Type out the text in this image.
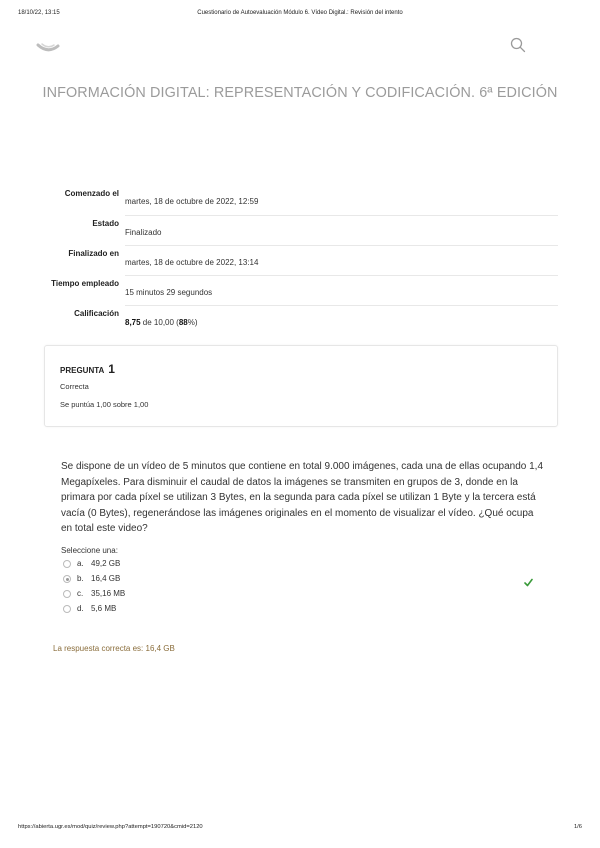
18/10/22, 13:15	Cuestionario de Autoevaluación Módulo 6. Vídeo Digital.: Revisión del intento
INFORMACIÓN DIGITAL: REPRESENTACIÓN Y CODIFICACIÓN. 6ª EDICIÓN
Comenzado el	martes, 18 de octubre de 2022, 12:59
Estado	Finalizado
Finalizado en	martes, 18 de octubre de 2022, 13:14
Tiempo empleado	15 minutos 29 segundos
Calificación	8,75 de 10,00 (88%)
PREGUNTA 1
Correcta
Se puntúa 1,00 sobre 1,00
Se dispone de un vídeo de 5 minutos que contiene en total 9.000 imágenes, cada una de ellas ocupando 1,4 Megapíxeles. Para disminuir el caudal de datos la imágenes se transmiten en grupos de 3, donde en la primara por cada píxel se utilizan 3 Bytes, en la segunda para cada píxel se utilizan 1 Byte y la tercera está vacía (0 Bytes), regenerándose las imágenes originales en el momento de visualizar el vídeo. ¿Qué ocupa en total este video?
Seleccione una:
a. 49,2 GB
b. 16,4 GB
c. 35,16 MB
d. 5,6 MB
La respuesta correcta es: 16,4 GB
https://abierta.ugr.es/mod/quiz/review.php?attempt=190720&cmid=2120	1/6
